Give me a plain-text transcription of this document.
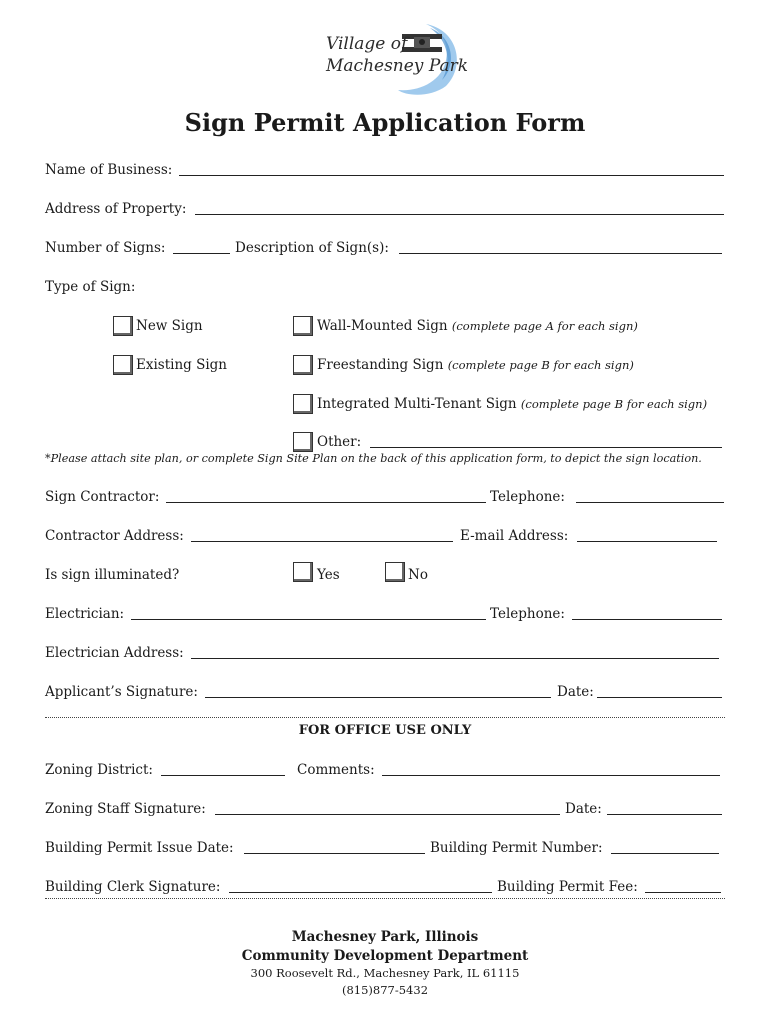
Village of
Machesney Park
Sign Permit Application Form
Name of Business:
Address of Property:
Number of Signs:	Description of Sign(s):
Type of Sign:
New Sign
Existing Sign
Wall-Mounted Sign (complete page A for each sign)
Freestanding Sign (complete page B for each sign)
Integrated Multi-Tenant Sign (complete page B for each sign)
Other:
*Please attach site plan, or complete Sign Site Plan on the back of this application form, to depict the sign location.
Sign Contractor:	Telephone:
Contractor Address:	E-mail Address:
Is sign illuminated?	Yes	No
Electrician:	Telephone:
Electrician Address:
Applicant’s Signature:	Date:
FOR OFFICE USE ONLY
Zoning District:	Comments:
Zoning Staff Signature:	Date:
Building Permit Issue Date:	Building Permit Number:
Building Clerk Signature:	Building Permit Fee:
Machesney Park, Illinois
Community Development Department
300 Roosevelt Rd., Machesney Park, IL 61115
(815)877-5432
